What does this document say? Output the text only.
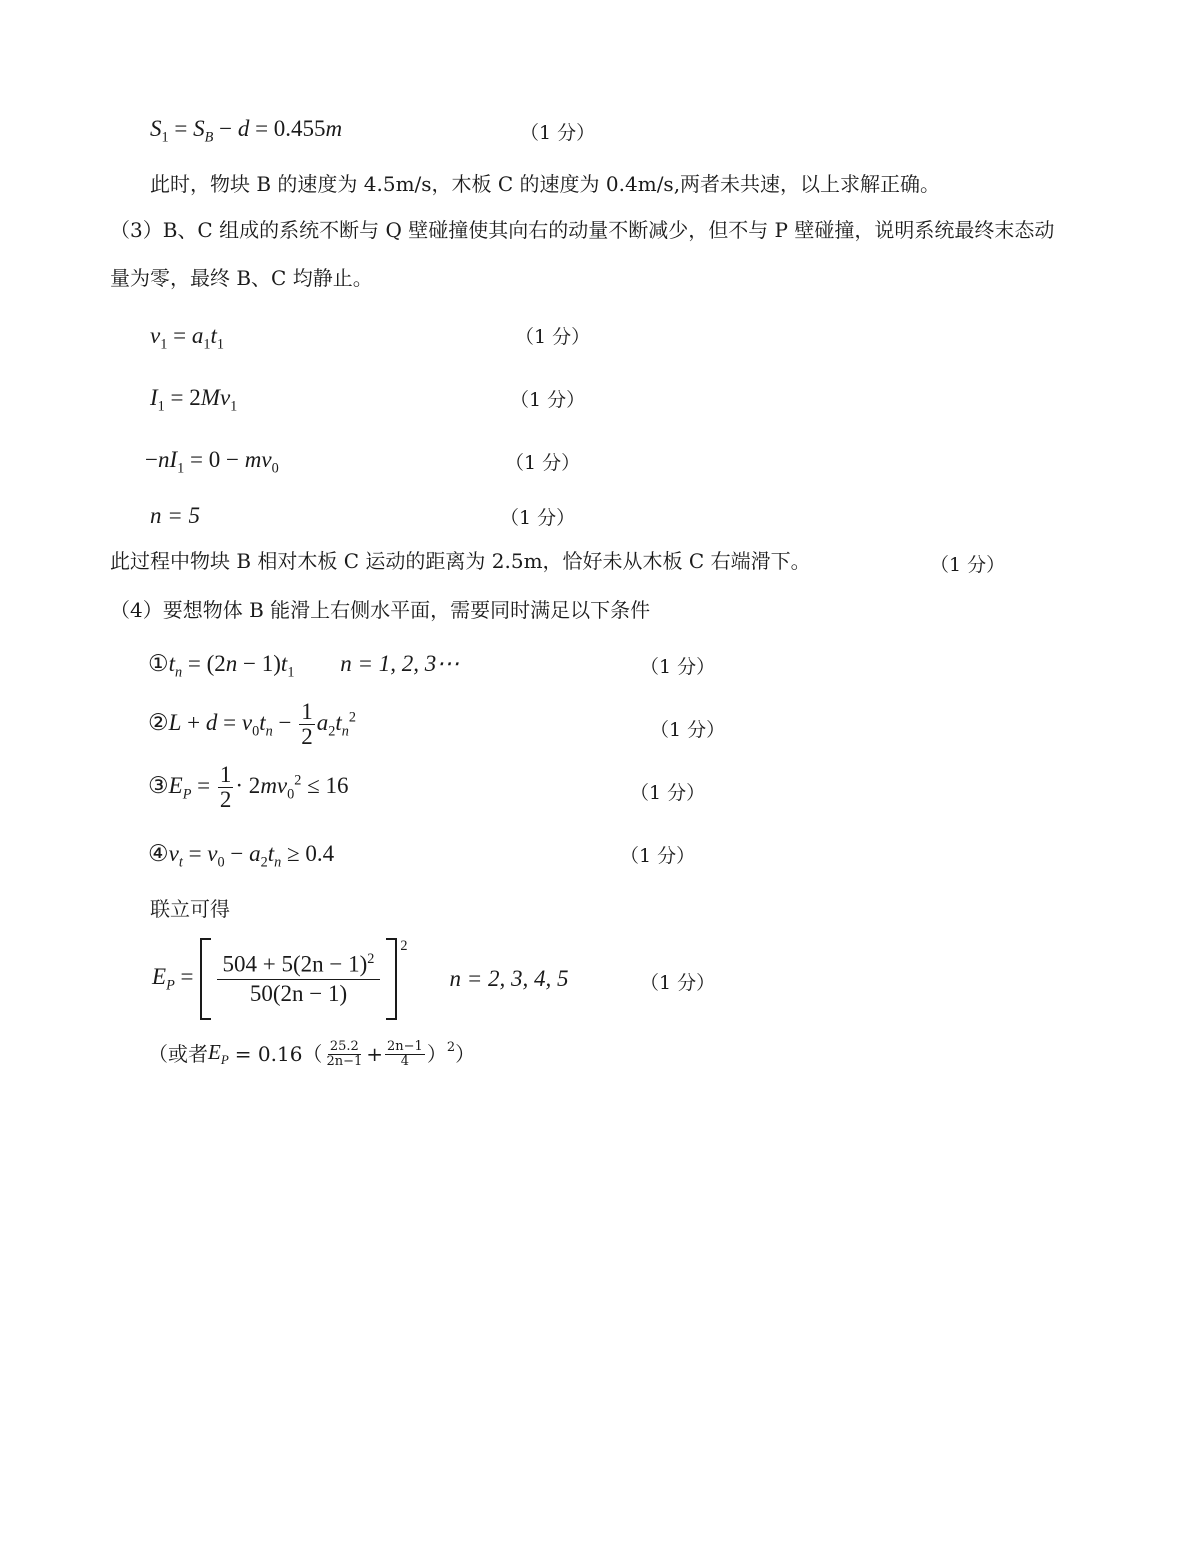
$S_1 = S_B - d = 0.455m$	（1 分）
此时，物块 B 的速度为 4.5m/s，木板 C 的速度为 0.4m/s,两者未共速，以上求解正确。
（3）B、C 组成的系统不断与 Q 壁碰撞使其向右的动量不断减少，但不与 P 壁碰撞，说明系统最终末态动
量为零，最终 B、C 均静止。
$v_1 = a_1t_1$	（1 分）
$I_1 = 2Mv_1$	（1 分）
$-nI_1 = 0 - mv_0$	（1 分）
n = 5	（1 分）
此过程中物块 B 相对木板 C 运动的距离为 2.5m，恰好未从木板 C 右端滑下。	（1 分）
（4）要想物体 B 能滑上右侧水平面，需要同时满足以下条件
$①t_n = (2n - 1)t_1$ n = 1, 2, 3⋯	（1 分）
②L + $d = v_0t_n - \frac{1}{2} a_2t_n^2$
（1 分）
$③E_P = \frac{1}{2} \cdot 2mv_0^2 \le 16$	（1 分）
$④v_t = v_0 - a_2t_n \ge 0.4$	（1 分）
联立可得
$E_P = \frac{504 + 5(2n - 1)^2}{50(2n - 1)}$
$^2$
n = 2, 3, 4, 5	（1 分）
（或者 $E_P = 0.16( \frac{25.2}{2n-1} + \frac{2n-1}{4} )^2$ ）
